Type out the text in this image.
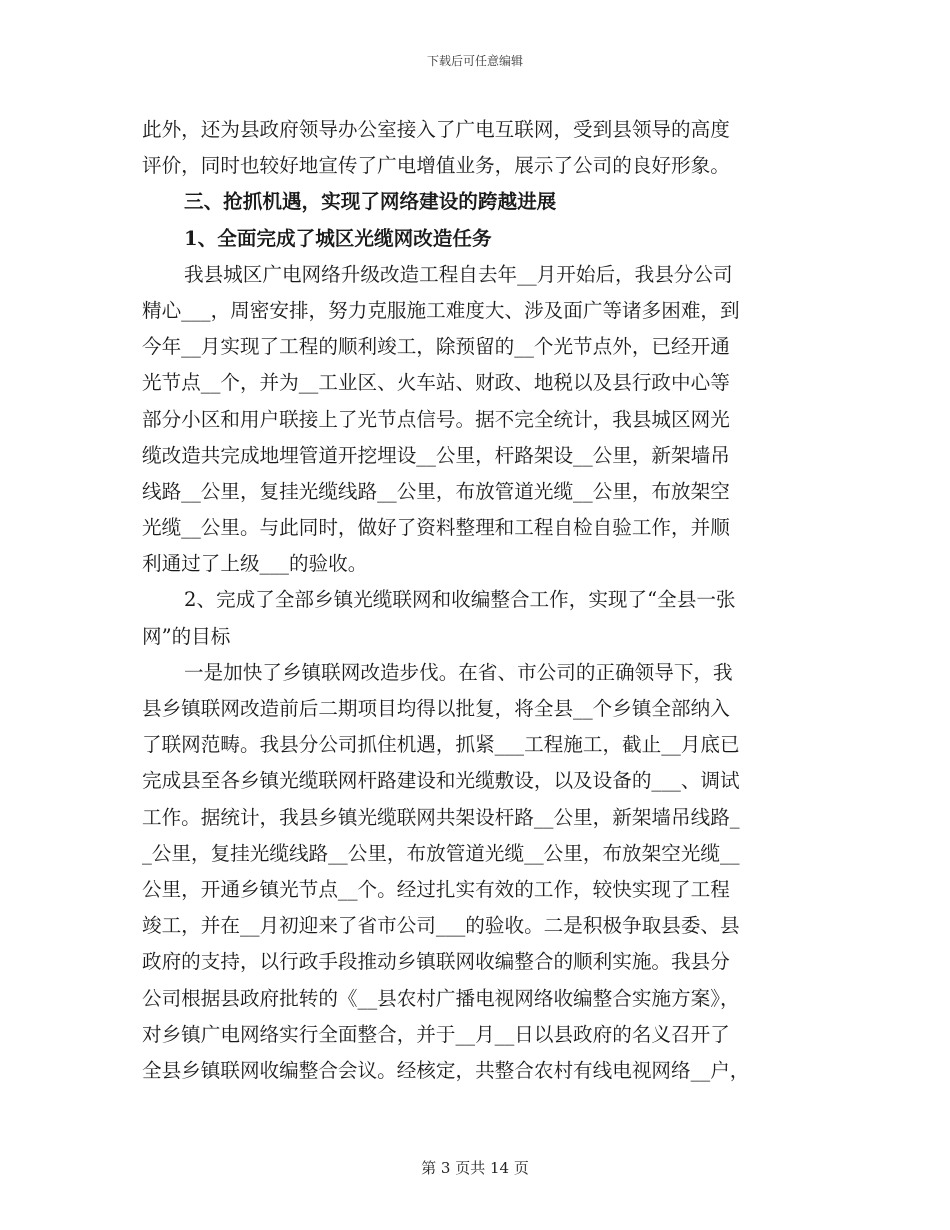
下载后可任意编辑
此外，还为县政府领导办公室接入了广电互联网，受到县领导的高度
评价，同时也较好地宣传了广电增值业务，展示了公司的良好形象。
三、抢抓机遇，实现了网络建设的跨越进展
1、全面完成了城区光缆网改造任务
我县城区广电网络升级改造工程自去年__月开始后，我县分公司
精心___，周密安排，努力克服施工难度大、涉及面广等诸多困难，到
今年__月实现了工程的顺利竣工，除预留的__个光节点外，已经开通
光节点__个，并为__工业区、火车站、财政、地税以及县行政中心等
部分小区和用户联接上了光节点信号。据不完全统计，我县城区网光
缆改造共完成地埋管道开挖埋设__公里，杆路架设__公里，新架墙吊
线路__公里，复挂光缆线路__公里，布放管道光缆__公里，布放架空
光缆__公里。与此同时，做好了资料整理和工程自检自验工作，并顺
利通过了上级___的验收。
2、完成了全部乡镇光缆联网和收编整合工作，实现了“全县一张
网”的目标
一是加快了乡镇联网改造步伐。在省、市公司的正确领导下，我
县乡镇联网改造前后二期项目均得以批复，将全县__个乡镇全部纳入
了联网范畴。我县分公司抓住机遇，抓紧___工程施工，截止__月底已
完成县至各乡镇光缆联网杆路建设和光缆敷设，以及设备的___、调试
工作。据统计，我县乡镇光缆联网共架设杆路__公里，新架墙吊线路_
_公里，复挂光缆线路__公里，布放管道光缆__公里，布放架空光缆__
公里，开通乡镇光节点__个。经过扎实有效的工作，较快实现了工程
竣工，并在__月初迎来了省市公司___的验收。二是积极争取县委、县
政府的支持，以行政手段推动乡镇联网收编整合的顺利实施。我县分
公司根据县政府批转的《__县农村广播电视网络收编整合实施方案》，
对乡镇广电网络实行全面整合，并于__月__日以县政府的名义召开了
全县乡镇联网收编整合会议。经核定，共整合农村有线电视网络__户，
第 3 页共 14 页
